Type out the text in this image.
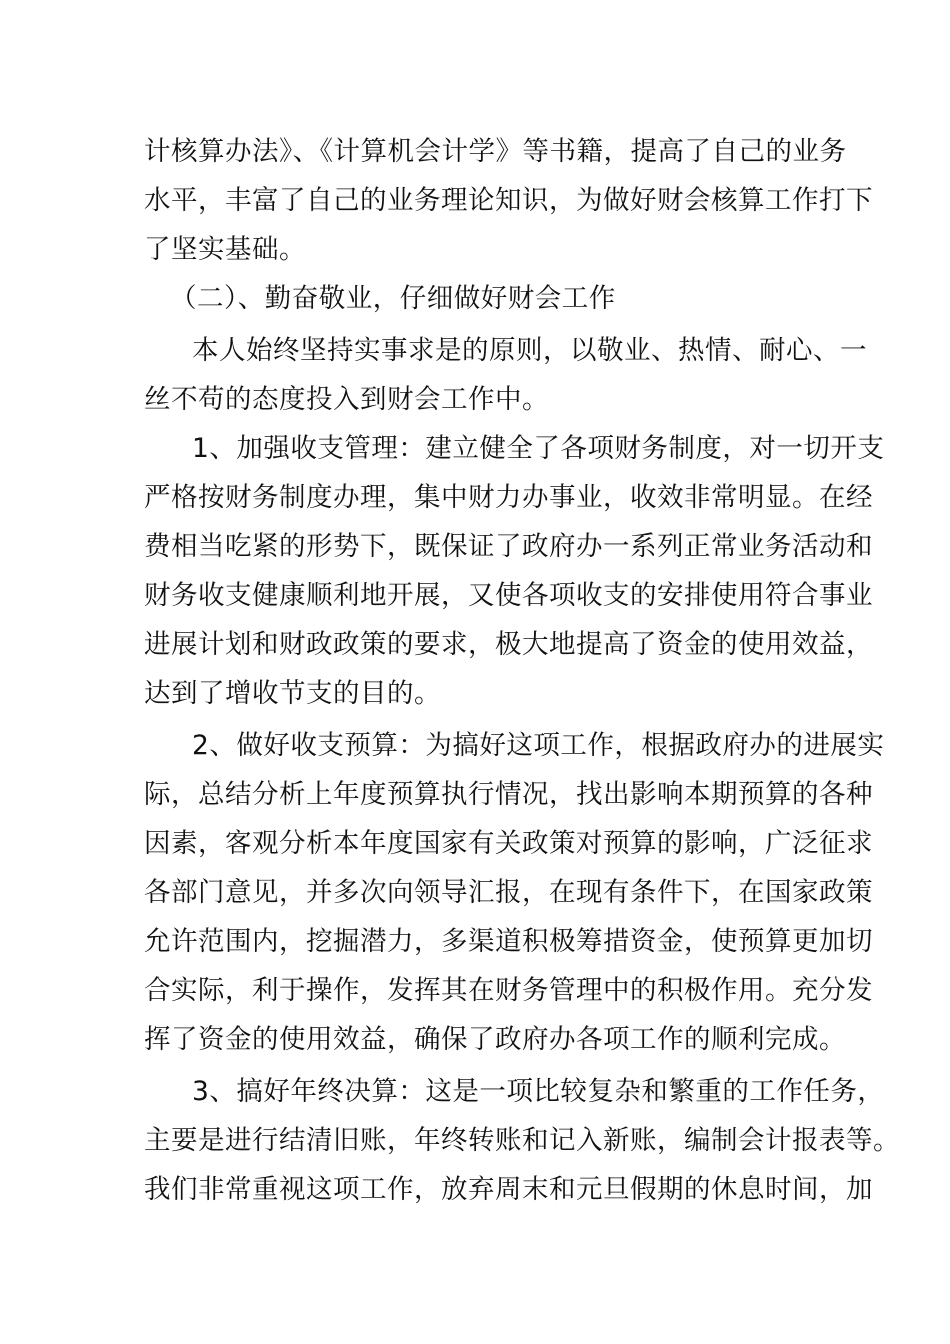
计核算办法》、《计算机会计学》等书籍，提高了自己的业务
水平，丰富了自己的业务理论知识，为做好财会核算工作打下
了坚实基础。
（二）、勤奋敬业，仔细做好财会工作
本人始终坚持实事求是的原则，以敬业、热情、耐心、一
丝不苟的态度投入到财会工作中。
1、加强收支管理：建立健全了各项财务制度，对一切开支
严格按财务制度办理，集中财力办事业，收效非常明显。在经
费相当吃紧的形势下，既保证了政府办一系列正常业务活动和
财务收支健康顺利地开展，又使各项收支的安排使用符合事业
进展计划和财政政策的要求，极大地提高了资金的使用效益，
达到了增收节支的目的。
2、做好收支预算：为搞好这项工作，根据政府办的进展实
际，总结分析上年度预算执行情况，找出影响本期预算的各种
因素，客观分析本年度国家有关政策对预算的影响，广泛征求
各部门意见，并多次向领导汇报，在现有条件下，在国家政策
允许范围内，挖掘潜力，多渠道积极筹措资金，使预算更加切
合实际，利于操作，发挥其在财务管理中的积极作用。充分发
挥了资金的使用效益，确保了政府办各项工作的顺利完成。
3、搞好年终决算：这是一项比较复杂和繁重的工作任务，
主要是进行结清旧账，年终转账和记入新账，编制会计报表等。
我们非常重视这项工作，放弃周末和元旦假期的休息时间，加
